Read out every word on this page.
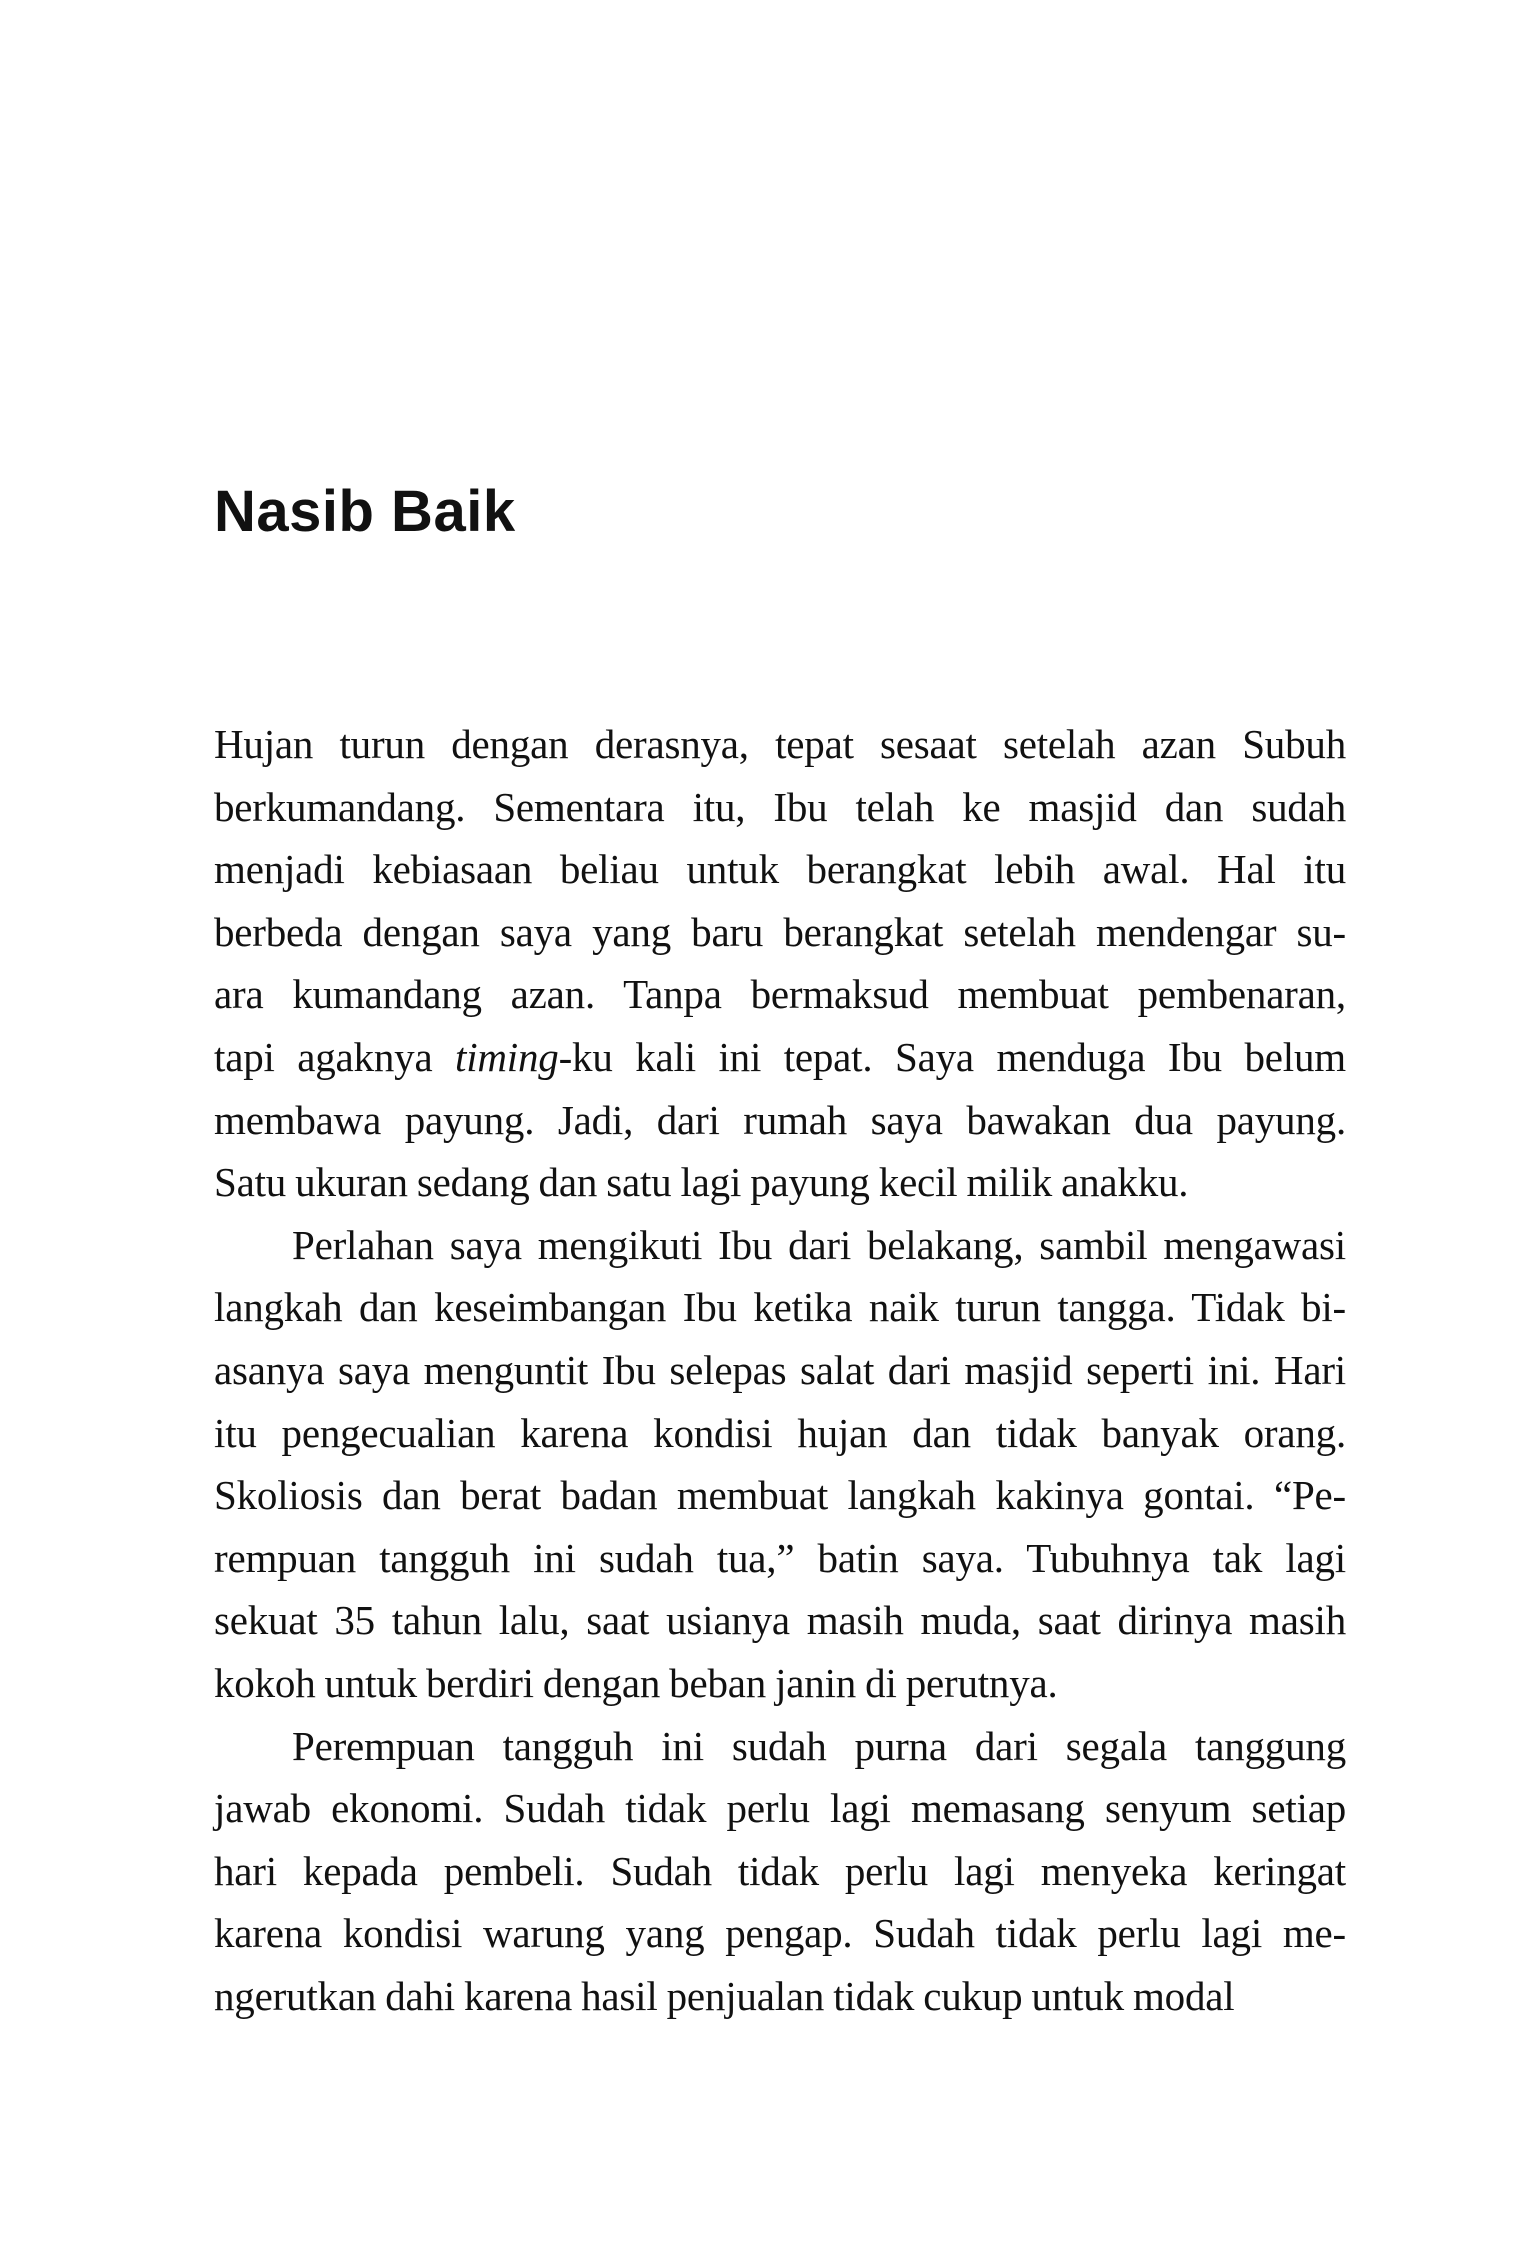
Nasib Baik
Hujan turun dengan derasnya, tepat sesaat setelah azan Subuh
berkumandang. Sementara itu, Ibu telah ke masjid dan sudah
menjadi kebiasaan beliau untuk berangkat lebih awal. Hal itu
berbeda dengan saya yang baru berangkat setelah mendengar su-
ara kumandang azan. Tanpa bermaksud membuat pembenaran,
tapi agaknya timing-ku kali ini tepat. Saya menduga Ibu belum
membawa payung. Jadi, dari rumah saya bawakan dua payung.
Satu ukuran sedang dan satu lagi payung kecil milik anakku.
Perlahan saya mengikuti Ibu dari belakang, sambil mengawasi
langkah dan keseimbangan Ibu ketika naik turun tangga. Tidak bi-
asanya saya menguntit Ibu selepas salat dari masjid seperti ini. Hari
itu pengecualian karena kondisi hujan dan tidak banyak orang.
Skoliosis dan berat badan membuat langkah kakinya gontai. “Pe-
rempuan tangguh ini sudah tua,” batin saya. Tubuhnya tak lagi
sekuat 35 tahun lalu, saat usianya masih muda, saat dirinya masih
kokoh untuk berdiri dengan beban janin di perutnya.
Perempuan tangguh ini sudah purna dari segala tanggung
jawab ekonomi. Sudah tidak perlu lagi memasang senyum setiap
hari kepada pembeli. Sudah tidak perlu lagi menyeka keringat
karena kondisi warung yang pengap. Sudah tidak perlu lagi me-
ngerutkan dahi karena hasil penjualan tidak cukup untuk modal
